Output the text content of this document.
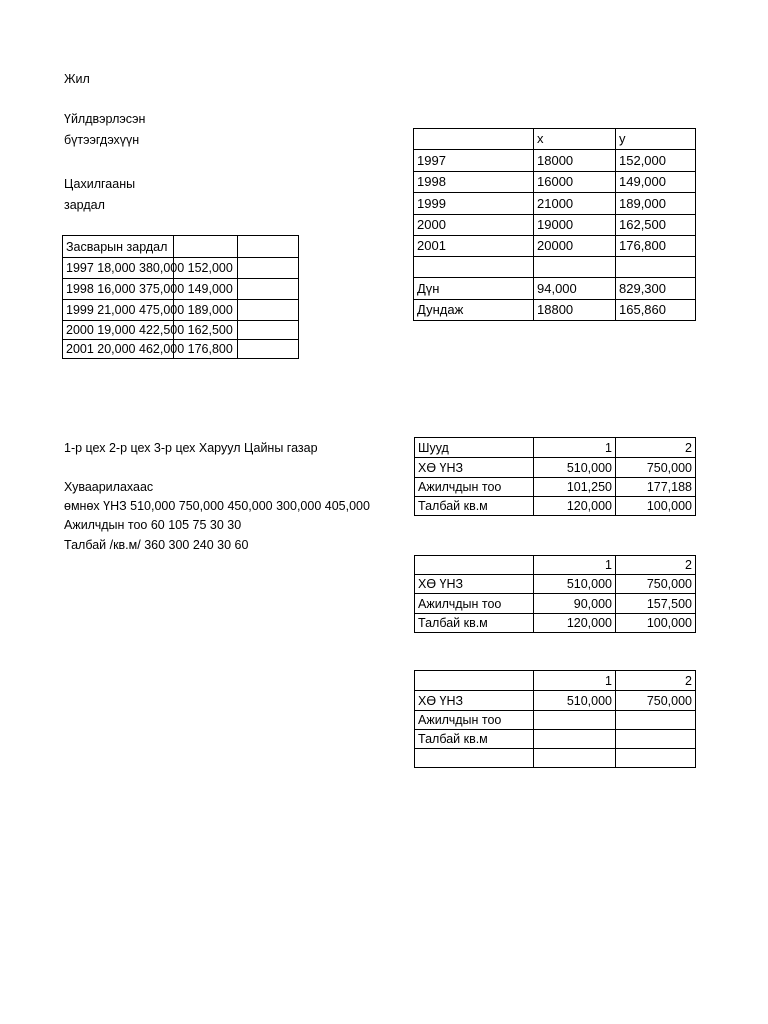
Жил
Үйлдвэрлэсэн
бүтээгдэхүүн
Цахилгааны
зардал
Засварын зардал		
1997 18,000 380,000 152,000		
1998 16,000 375,000 149,000		
1999 21,000 475,000 189,000		
2000 19,000 422,500 162,500		
2001 20,000 462,000 176,800		
1-р цех 2-р цех 3-р цех Харуул Цайны газар
Хуваарилахаас
өмнөх ҮНЗ 510,000 750,000 450,000 300,000 405,000
Ажилчдын тоо 60 105 75 30 30
Талбай /кв.м/ 360 300 240 30 60
	x	y
1997	18000	152,000
1998	16000	149,000
1999	21000	189,000
2000	19000	162,500
2001	20000	176,800

Дүн	94,000	829,300
Дундаж	18800	165,860
Шууд	1	2
ХӨ ҮНЗ	510,000	750,000
Ажилчдын тоо	101,250	177,188
Талбай кв.м	120,000	100,000
	1	2
ХӨ ҮНЗ	510,000	750,000
Ажилчдын тоо	90,000	157,500
Талбай кв.м	120,000	100,000
	1	2
ХӨ ҮНЗ	510,000	750,000
Ажилчдын тоо		
Талбай кв.м		
